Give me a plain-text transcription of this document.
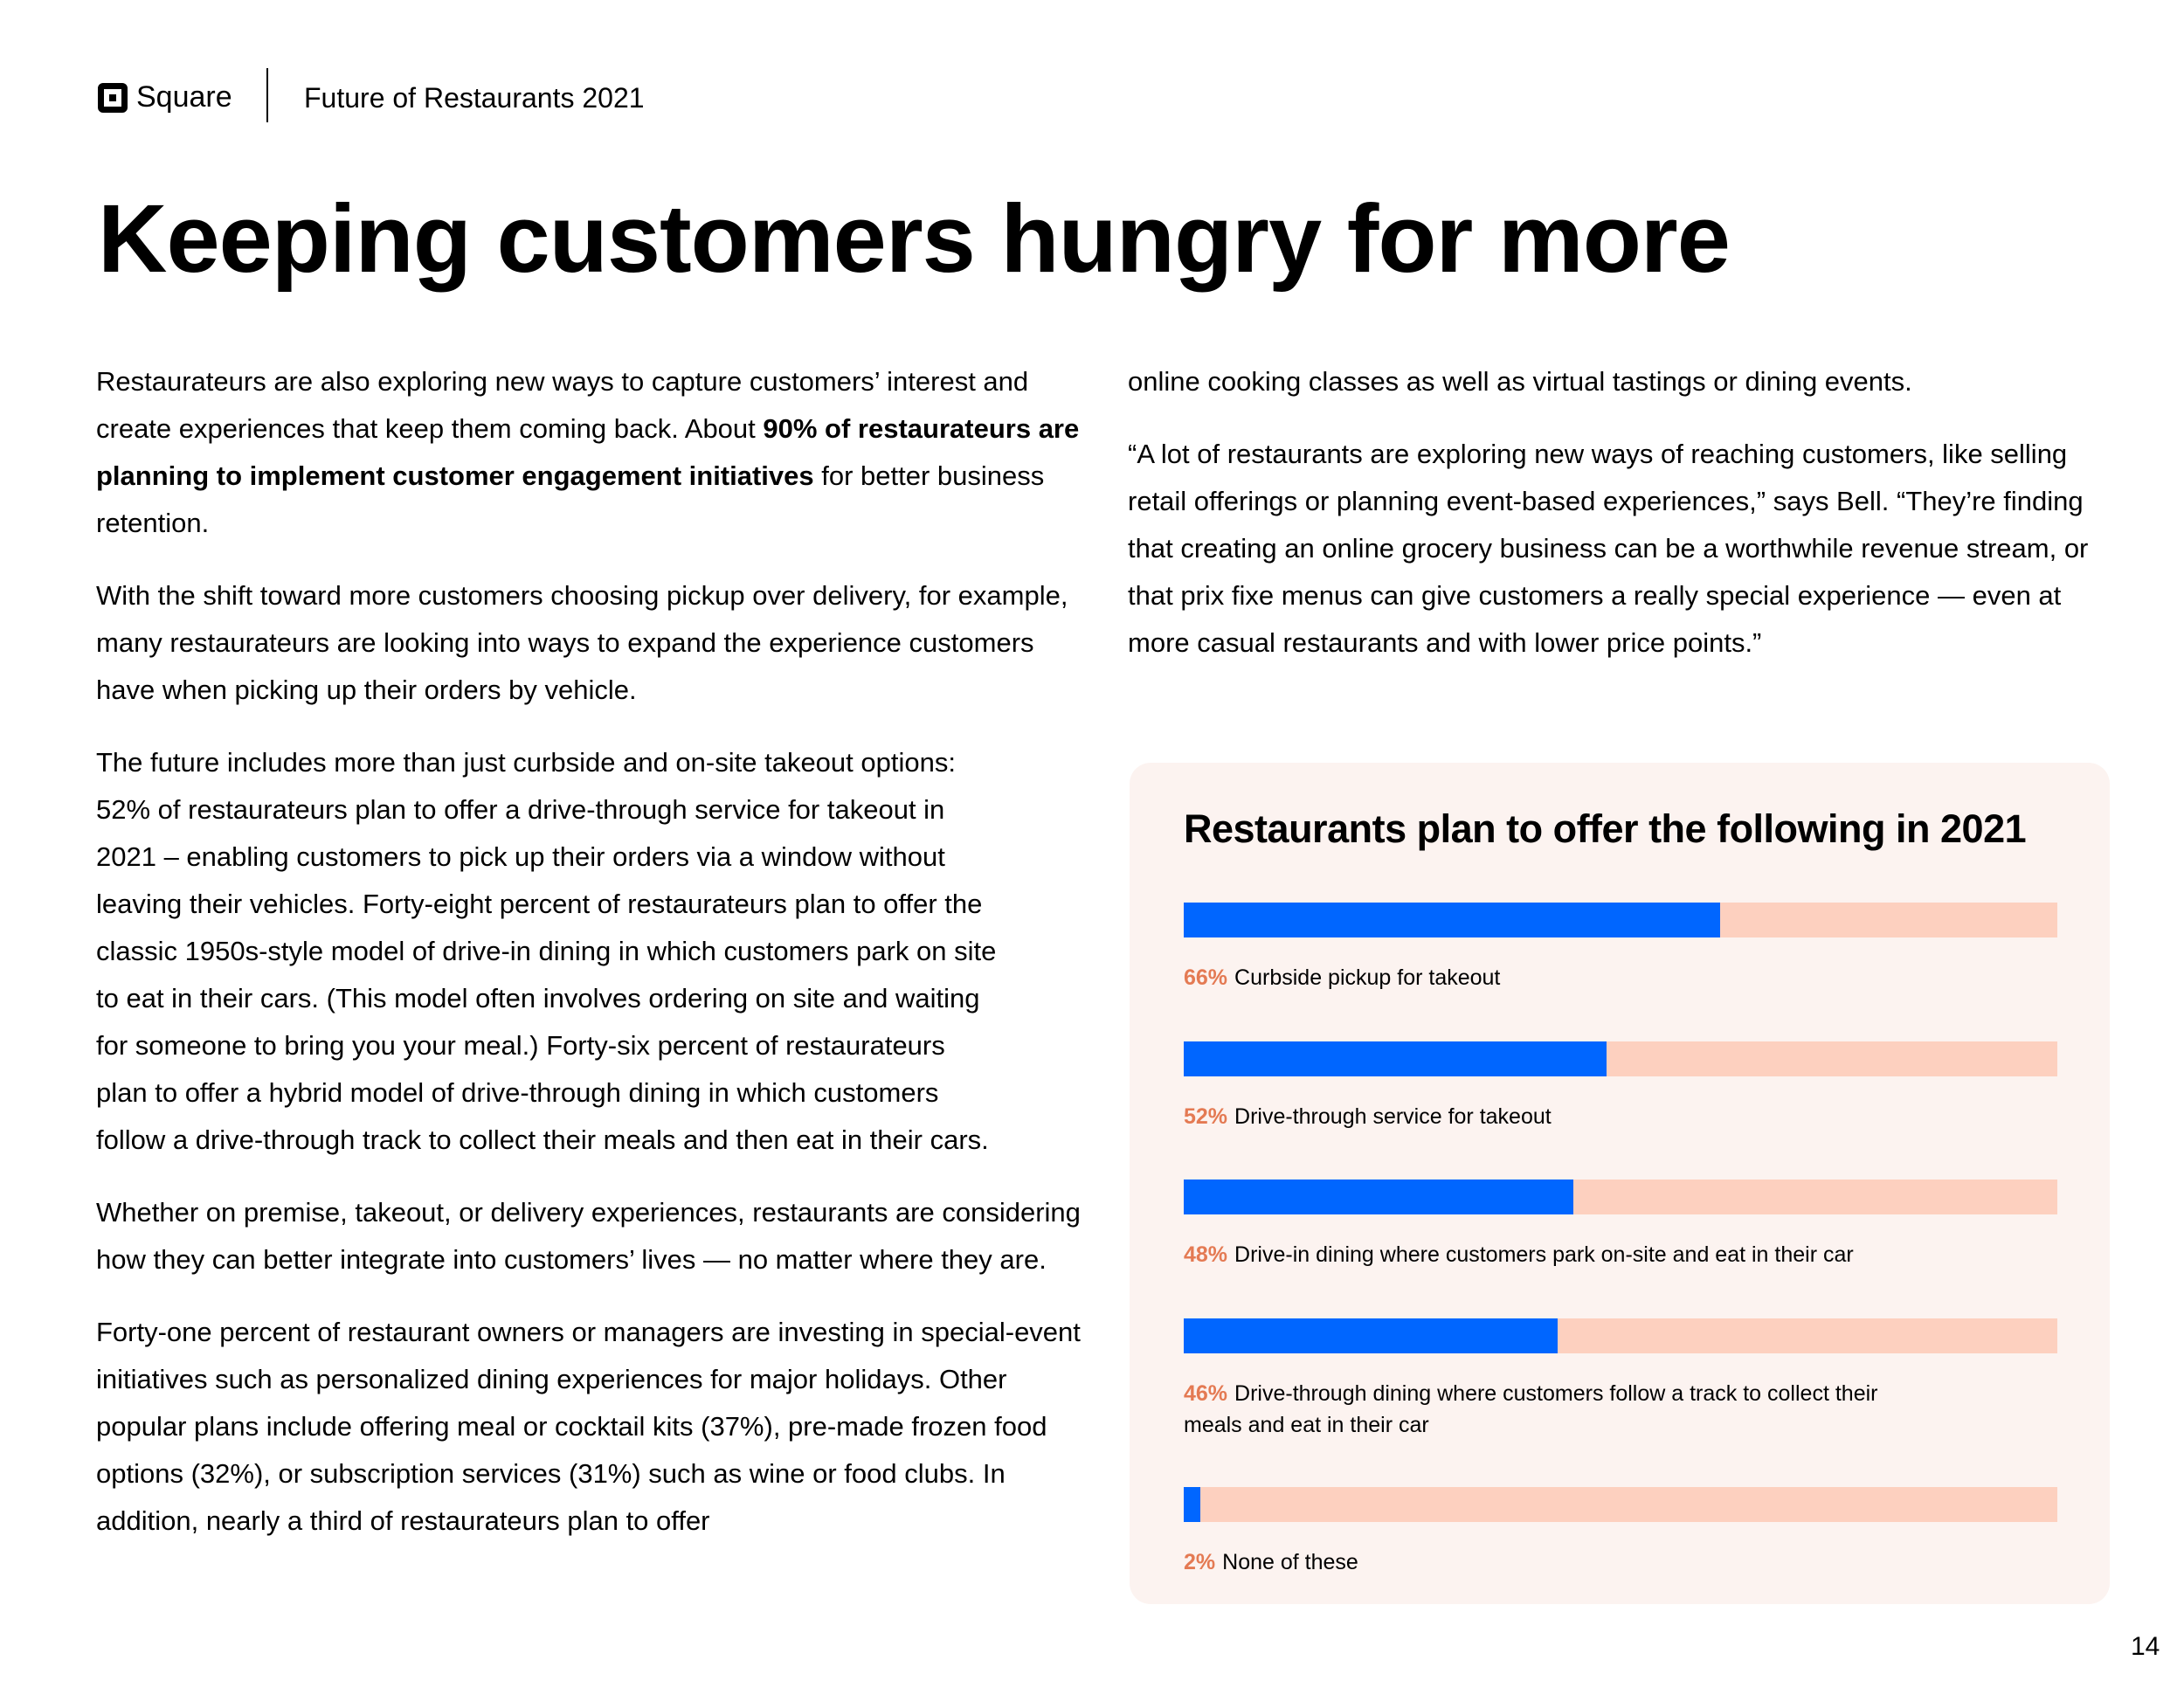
Square	Future of Restaurants 2021
Keeping customers hungry for more

Restaurateurs are also exploring new ways to capture customers’ interest and create experiences that keep them coming back. About 90% of restaurateurs are planning to implement customer engagement initiatives for better business retention.

With the shift toward more customers choosing pickup over delivery, for example, many restaurateurs are looking into ways to expand the experience customers have when picking up their orders by vehicle.

The future includes more than just curbside and on-site takeout options:
52% of restaurateurs plan to offer a drive-through service for takeout in
2021 – enabling customers to pick up their orders via a window without
leaving their vehicles. Forty-eight percent of restaurateurs plan to offer the
classic 1950s-style model of drive-in dining in which customers park on site
to eat in their cars. (This model often involves ordering on site and waiting
for someone to bring you your meal.) Forty-six percent of restaurateurs
plan to offer a hybrid model of drive-through dining in which customers
follow a drive-through track to collect their meals and then eat in their cars.

Whether on premise, takeout, or delivery experiences, restaurants are considering how they can better integrate into customers’ lives — no matter where they are.

Forty-one percent of restaurant owners or managers are investing in special-event initiatives such as personalized dining experiences for major holidays. Other popular plans include offering meal or cocktail kits (37%), pre-made frozen food options (32%), or subscription services (31%) such as wine or food clubs. In addition, nearly a third of restaurateurs plan to offer

online cooking classes as well as virtual tastings or dining events.

“A lot of restaurants are exploring new ways of reaching customers, like selling retail offerings or planning event-based experiences,” says Bell. “They’re finding that creating an online grocery business can be a worthwhile revenue stream, or that prix fixe menus can give customers a really special experience — even at more casual restaurants and with lower price points.”

Restaurants plan to offer the following in 2021
66% Curbside pickup for takeout
52% Drive-through service for takeout
48% Drive-in dining where customers park on-site and eat in their car
46% Drive-through dining where customers follow a track to collect their meals and eat in their car
2% None of these
14
